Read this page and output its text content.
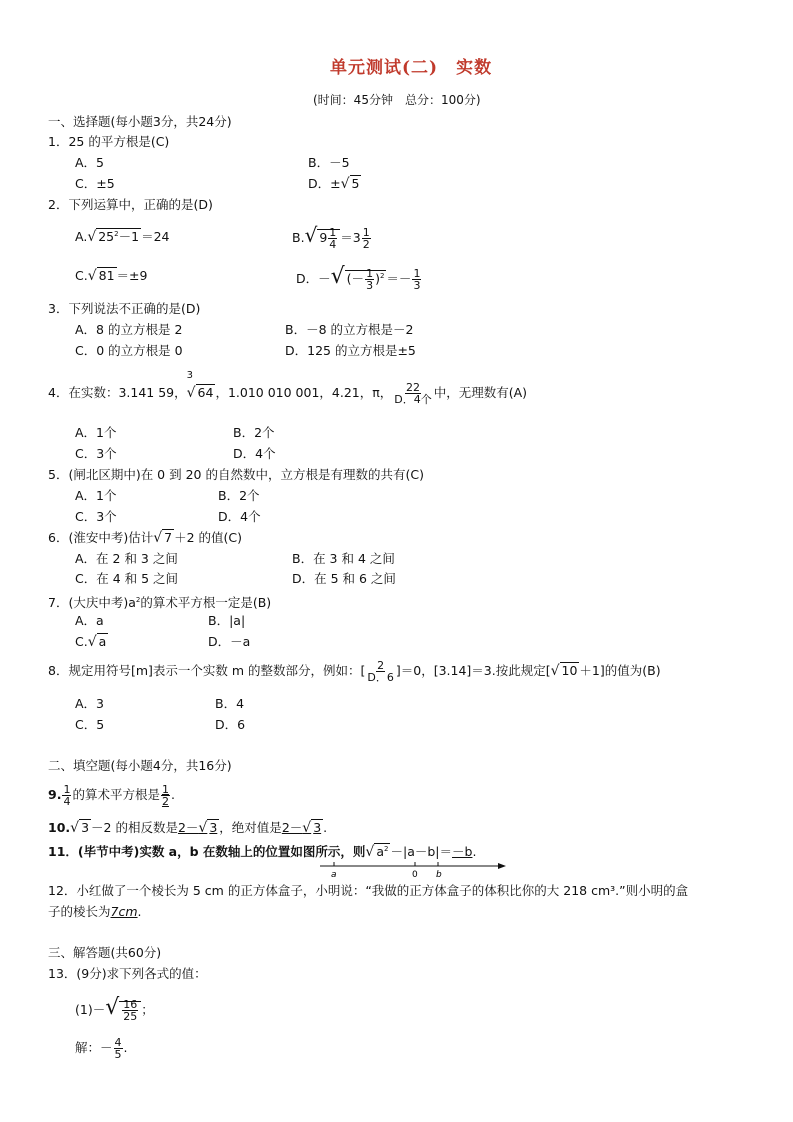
单元测试(二)　实数
(时间：45分钟　总分：100分)
一、选择题(每小题3分，共24分)
1．25 的平方根是(C)
A．5	B．－5
C．±5	D．±√ 5
2．下列运算中，正确的是(D)
A.√ $25^2-1 =24$	B.√ $9 \frac{1}{4} =3 \frac{1}{2}$
C.√ 81 ＝±9	D．－√ (－ $\frac{1}{3} )^2 =- \frac{1}{3}$
3．下列说法不正确的是(D)
A．8 的立方根是 2	B．－8 的立方根是－2
C．0 的立方根是 0	D．125 的立方根是±5
4．在实数：3.141 59，
3
√ 64 ，1.010 010 001，4.21，π， $\frac{22}{\text{D．4个}}$ 中，无理数有(A)
A．1个	B．2个
C．3个	D．4个
5．(闸北区期中)在 0 到 20 的自然数中，立方根是有理数的共有(C)
A．1个	B．2个
C．3个	D．4个
6．(淮安中考)估计√ 7 ＋2 的值(C)
A．在 2 和 3 之间	B．在 3 和 4 之间
C．在 4 和 5 之间	D．在 5 和 6 之间
7．(大庆中考)$a^2$的算术平方根一定是(B)
A．a	B．|a|
C.√ a	D．－a
8．规定用符号[m]表示一个实数 m 的整数部分，例如：[ $\frac{2}{D.6} ]=0$，[3.14]＝3.按此规定[√ 10 ＋1]的值为(B)
A．3	B．4
C．5	D．6
二、填空题(每小题4分，共16分)
9. $\frac{1}{4}$ 的算术平方根是 $\frac{1}{2}$ .
10.√ 3 －2 的相反数是2－√ 3 ，绝对值是2－√ 3 .
11．(毕节中考)实数 a，b 在数轴上的位置如图所示，则√ $a^2 -|a-b|=-b$.
a	0 b
12．小红做了一个棱长为 5 cm 的正方体盒子，小明说：“我做的正方体盒子的体积比你的大 218 cm³.”则小明的盒
子的棱长为7cm.
三、解答题(共60分)
13．(9分)求下列各式的值：
$(1)-√ \frac{16}{25}$ ；
解：－ $\frac{4}{5}$ .
